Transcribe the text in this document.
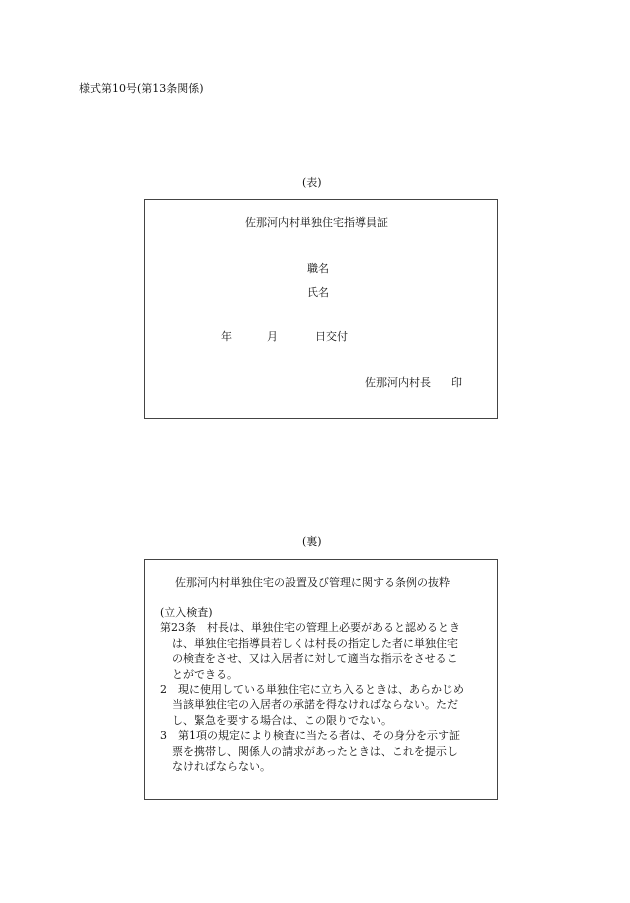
様式第10号(第13条関係)
(表)
佐那河内村単独住宅指導員証
職名
氏名
年	月	日交付
佐那河内村長 印
(裏)
佐那河内村単独住宅の設置及び管理に関する条例の抜粋
(立入検査)
第23条　村長は、単独住宅の管理上必要があると認めるとき
は、単独住宅指導員若しくは村長の指定した者に単独住宅
の検査をさせ、又は入居者に対して適当な指示をさせるこ
とができる。
2　現に使用している単独住宅に立ち入るときは、あらかじめ
当該単独住宅の入居者の承諾を得なければならない。ただ
し、緊急を要する場合は、この限りでない。
3　第1項の規定により検査に当たる者は、その身分を示す証
票を携帯し、関係人の請求があったときは、これを提示し
なければならない。
